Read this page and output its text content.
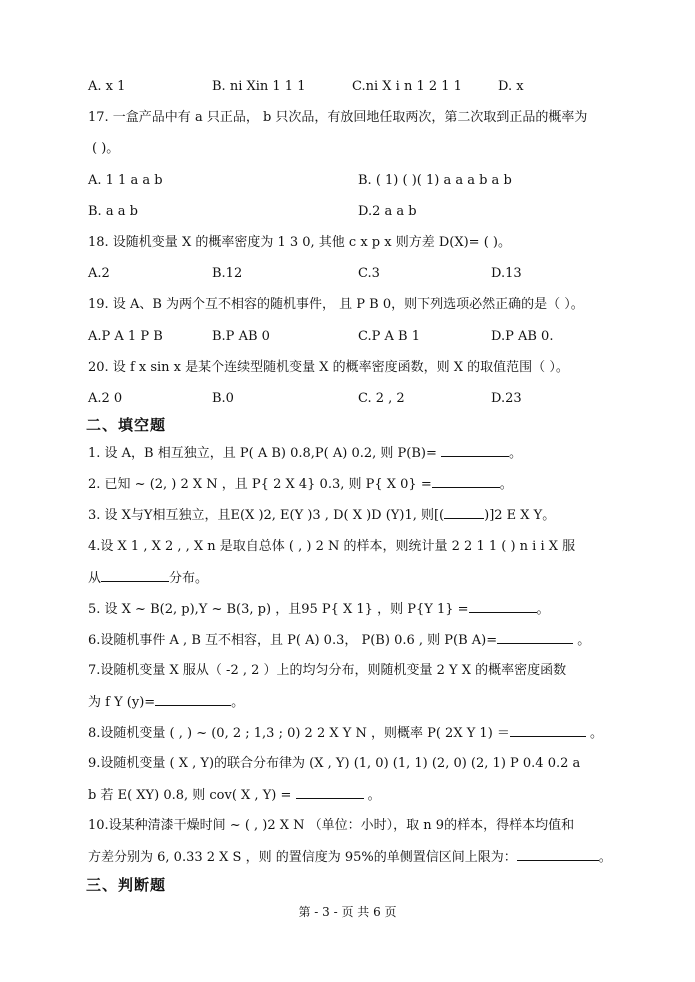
A. x 1	B. ni Xin 1 1 1	C.ni X i n 1 2 1 1	D. x
17. 一盒产品中有 a 只正品， b 只次品，有放回地任取两次，第二次取到正品的概率为
( )。
A. 1 1 a a b	B. ( 1) ( )( 1) a a a b a b
B. a a b	D.2 a a b
18. 设随机变量 X 的概率密度为 1 3 0, 其他 c x p x 则方差 D(X)= ( )。
A.2	B.12	C.3	D.13
19. 设 A、B 为两个互不相容的随机事件， 且 P B 0，则下列选项必然正确的是（ ）。
A.P A 1 P B	B.P AB 0	C.P A B 1	D.P AB 0.
20. 设 f x sin x 是某个连续型随机变量 X 的概率密度函数，则 X 的取值范围（ ）。
A.2 0	B.0	C. 2 , 2	D.23
二、填空题
1. 设 A，B 相互独立，且 P( A B) 0.8,P( A) 0.2, 则 P(B)=	。
2. 已知 ~ (2, ) 2 X N ，且 P{ 2 X 4} 0.3, 则 P{ X 0} =	。
3. 设 X与Y相互独立，且E(X )2, E(Y )3 , D( X )D (Y)1, 则[(	)]2 E X Y。
4.设 X 1 , X 2 , , X n 是取自总体 ( , ) 2 N 的样本，则统计量 2 2 1 1 ( ) n i i X 服
从	分布。
5. 设 X ~ B(2, p),Y ~ B(3, p) ，且95 P{ X 1} ，则 P{Y 1} =	。
6.设随机事件 A , B 互不相容，且 P( A) 0.3， P(B) 0.6 , 则 P(B A)=	。
7.设随机变量 X 服从（ -2 , 2 ）上的均匀分布，则随机变量 2 Y X 的概率密度函数
为 f Y (y)=	。
8.设随机变量 ( , ) ~ (0, 2 ; 1,3 ; 0) 2 2 X Y N ，则概率 P( 2X Y 1) ＝	。
9.设随机变量 ( X , Y)的联合分布律为 (X , Y) (1, 0) (1, 1) (2, 0) (2, 1) P 0.4 0.2 a
b 若 E( XY) 0.8, 则 cov( X , Y) =	。
10.设某种清漆干燥时间 ~ ( , )2 X N （单位：小时），取 n 9的样本，得样本均值和
方差分别为 6, 0.33 2 X S ，则 的置信度为 95%的单侧置信区间上限为：	。
三、判断题
第 - 3 - 页 共 6 页
